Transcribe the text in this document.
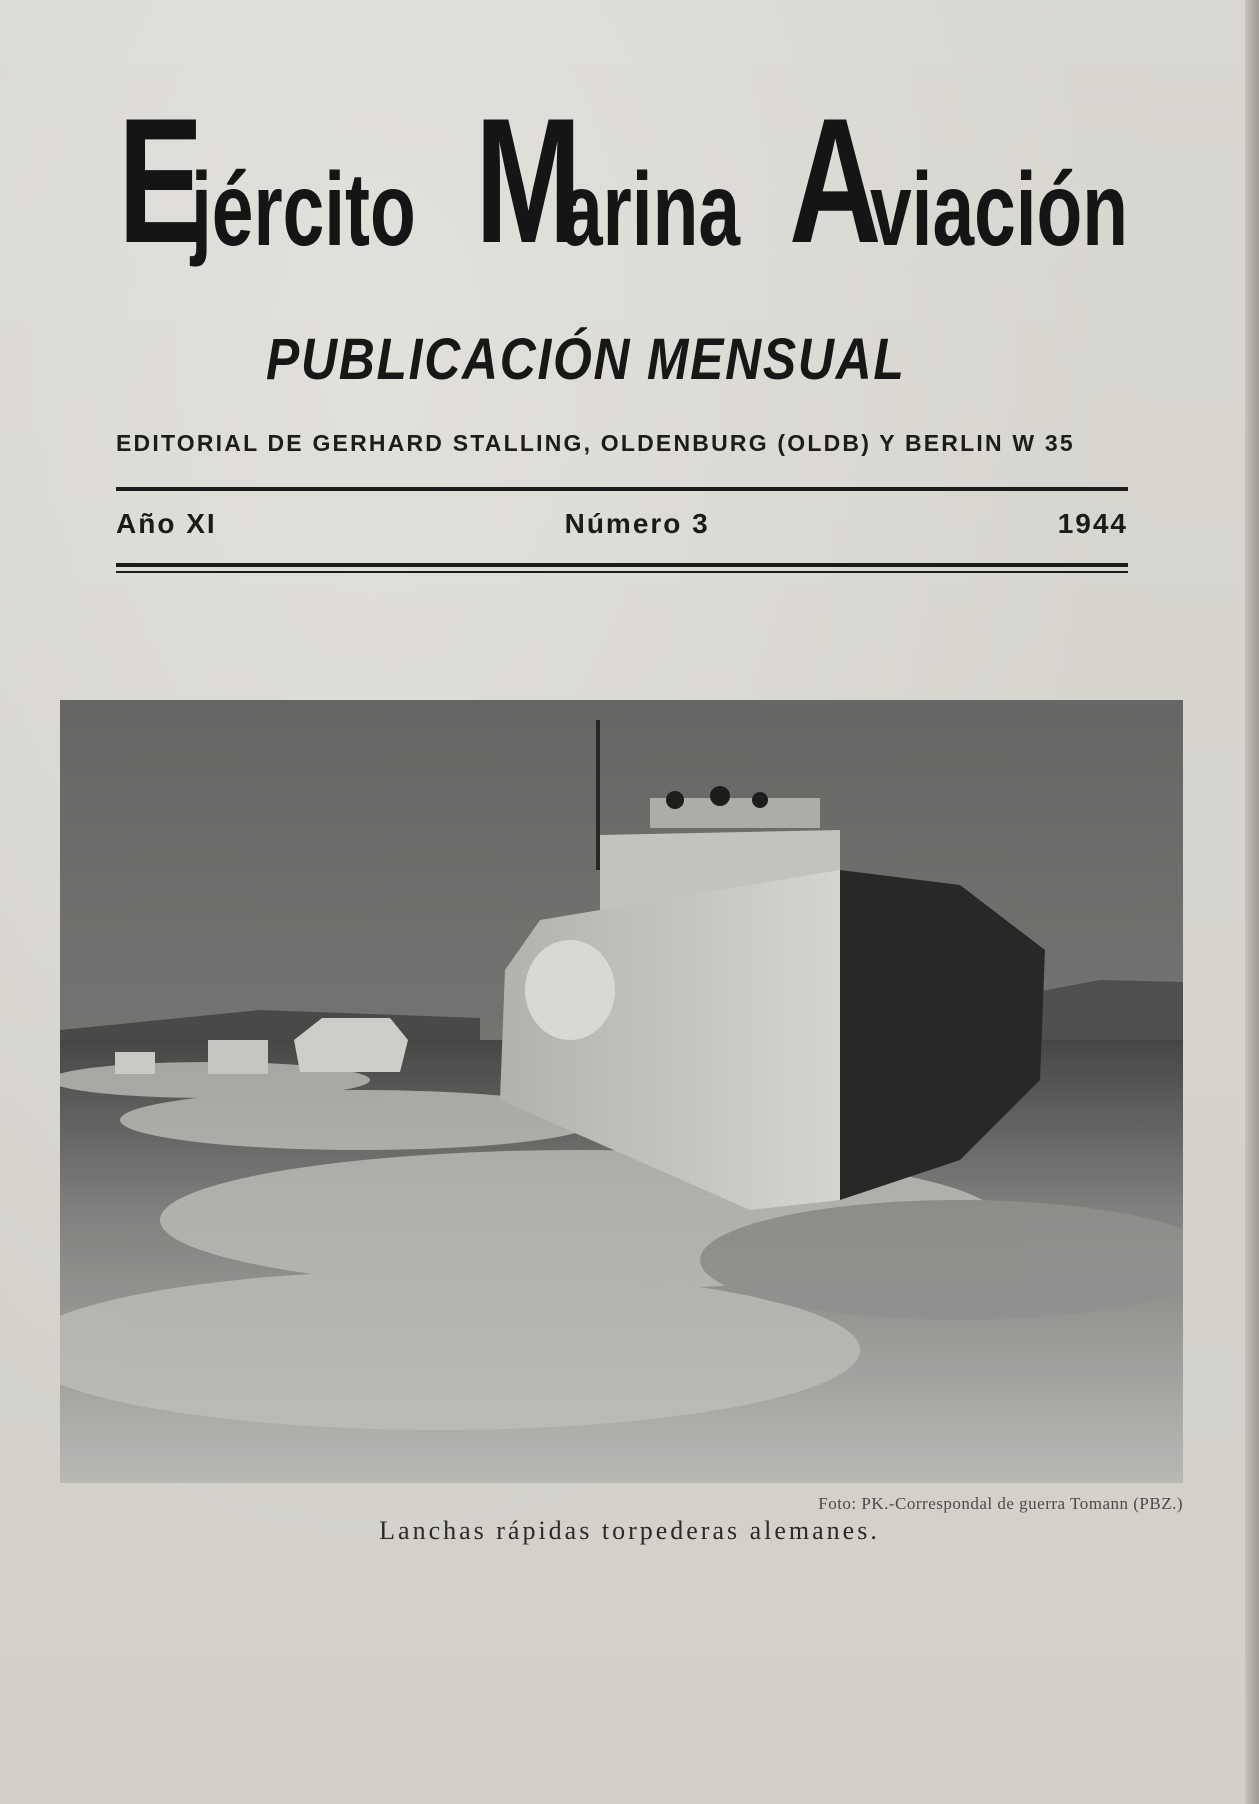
E
jército M
arina A
viación
PUBLICACIÓN MENSUAL
EDITORIAL DE GERHARD STALLING, OLDENBURG (OLDB) Y BERLIN W 35
Año XI	Número 3	1944
Foto: PK.-Correspondal de guerra Tomann (PBZ.)
Lanchas rápidas torpederas alemanes.
